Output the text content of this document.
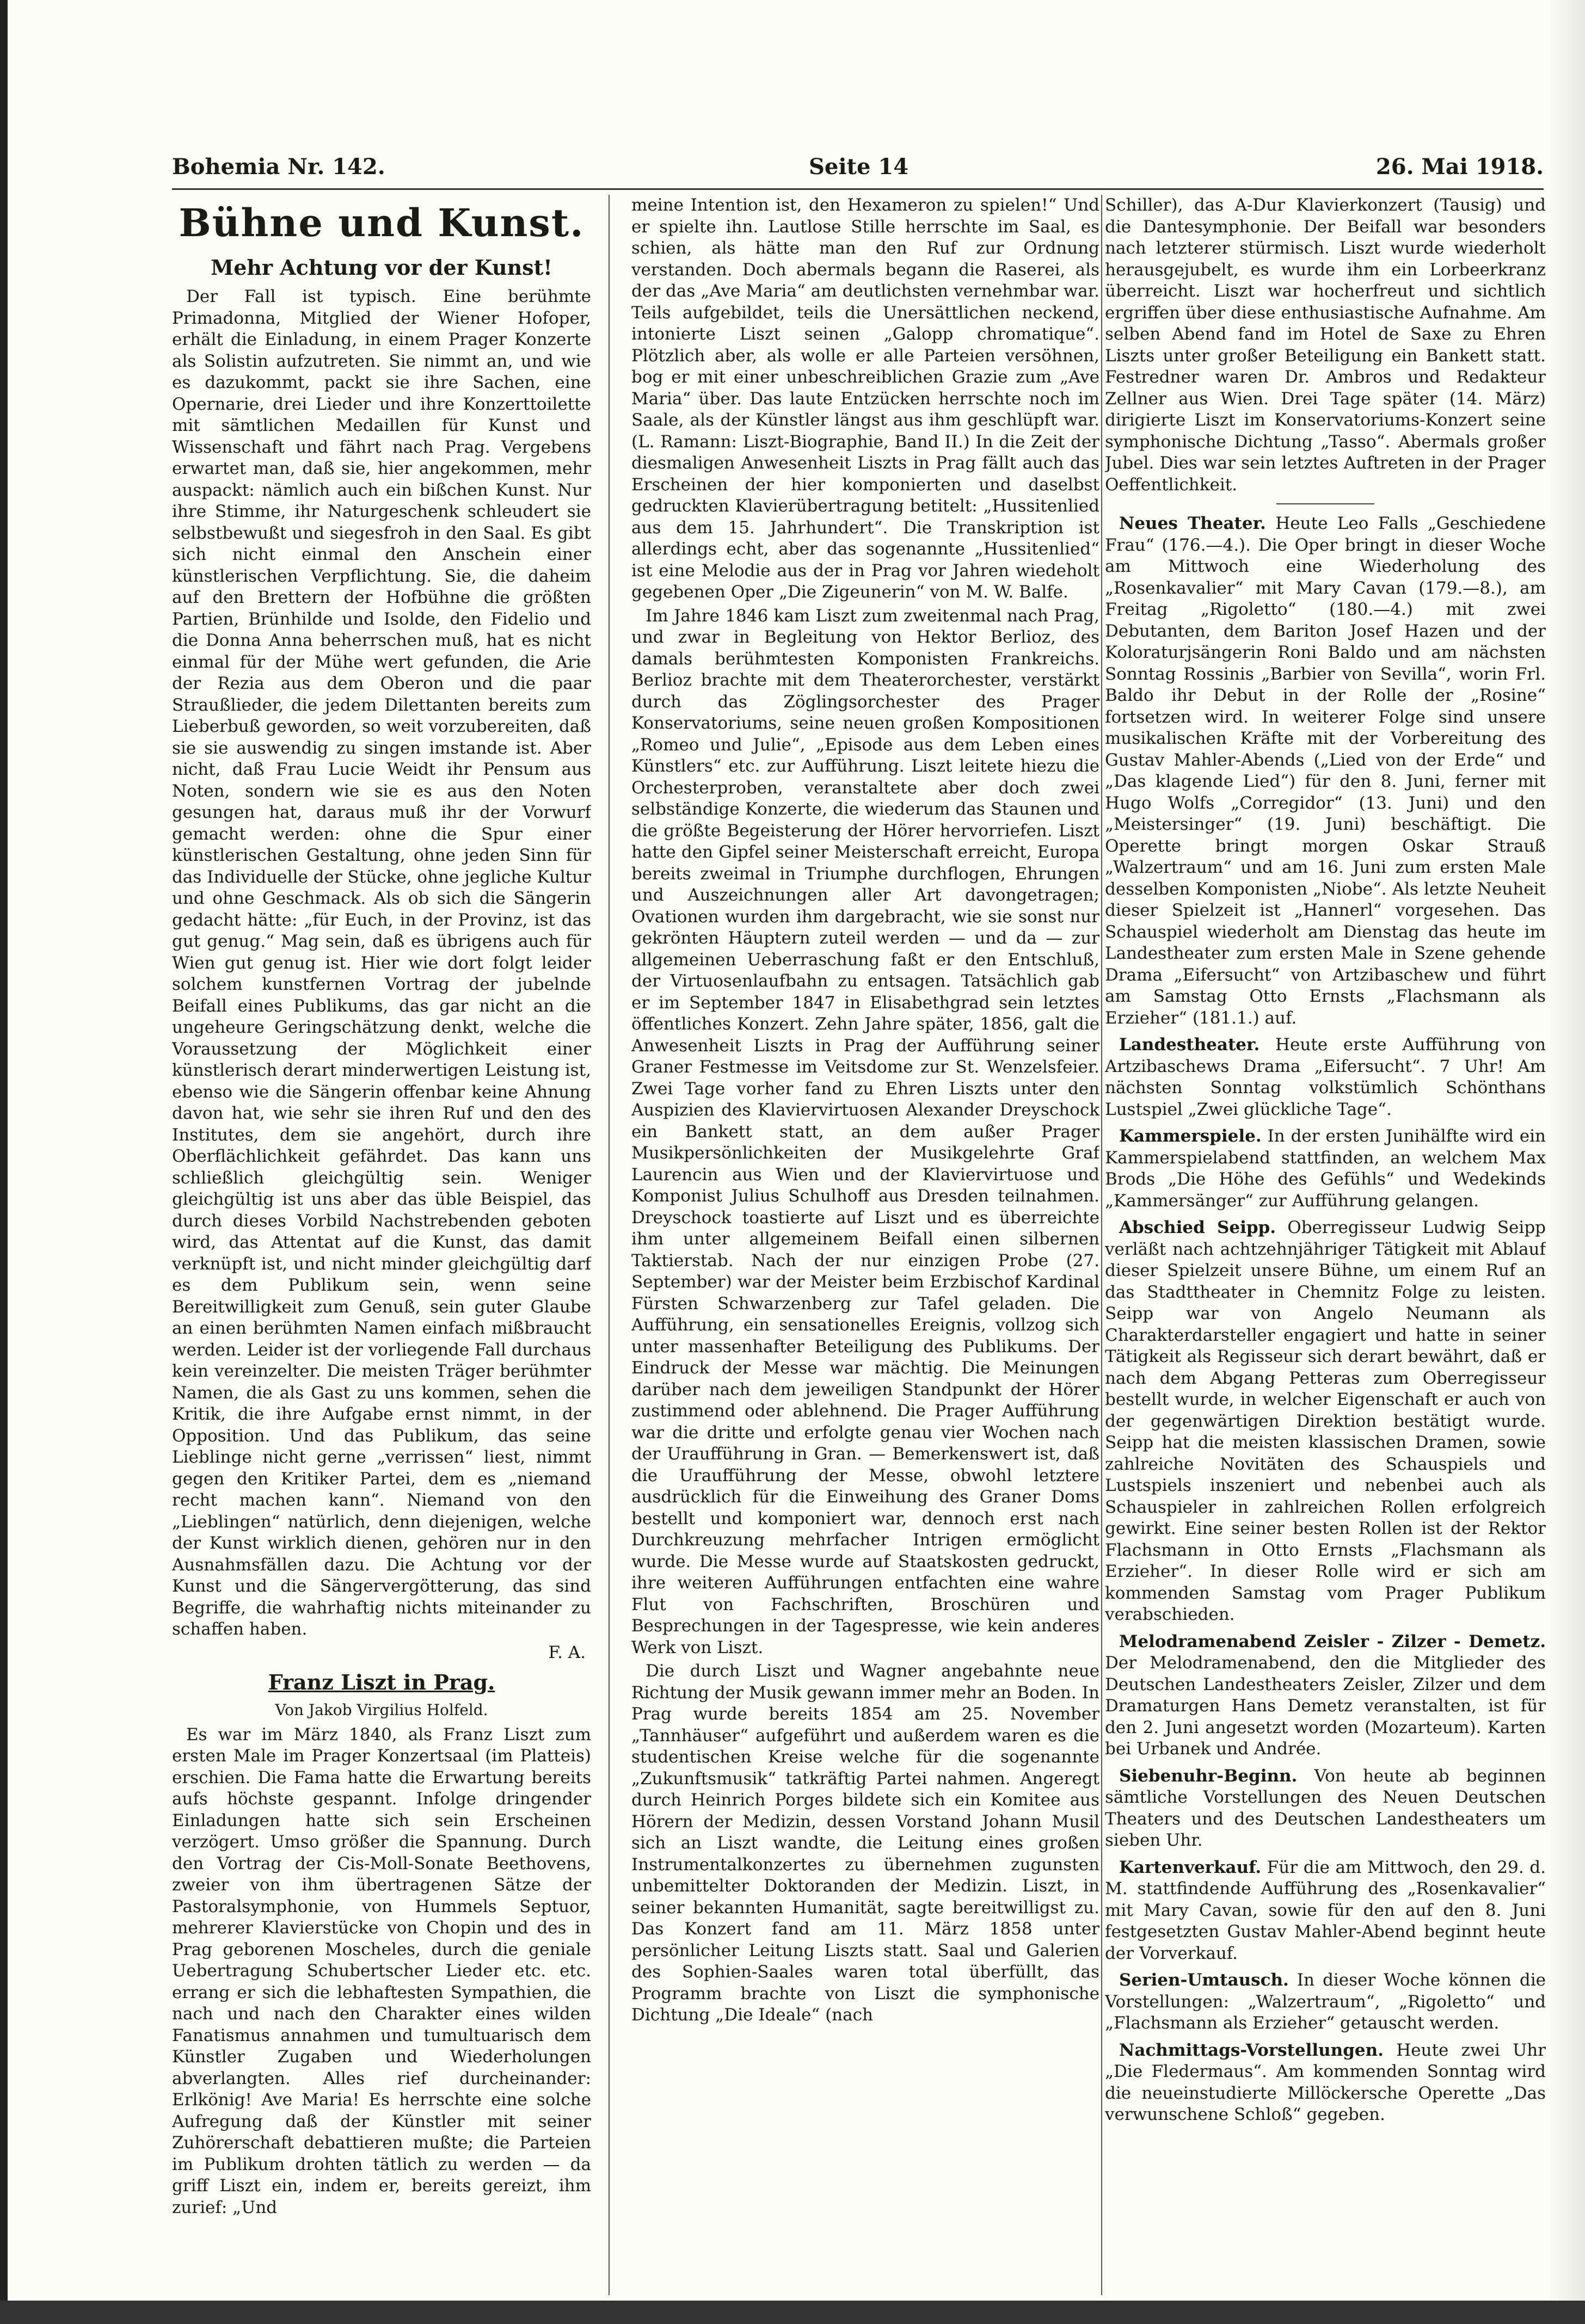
Bohemia Nr. 142.	Seite 14	26. Mai 1918.
Bühne und Kunst.
Mehr Achtung vor der Kunst!

Der Fall ist typisch. Eine berühmte Primadonna, Mitglied der Wiener Hofoper, erhält die Einladung, in einem Prager Konzerte als Solistin aufzutreten. Sie nimmt an, und wie es dazukommt, packt sie ihre Sachen, eine Opernarie, drei Lieder und ihre Konzerttoilette mit sämtlichen Medaillen für Kunst und Wissenschaft und fährt nach Prag. Vergebens erwartet man, daß sie, hier angekommen, mehr auspackt: nämlich auch ein bißchen Kunst. Nur ihre Stimme, ihr Naturgeschenk schleudert sie selbstbewußt und siegesfroh in den Saal. Es gibt sich nicht einmal den Anschein einer künstlerischen Verpflichtung. Sie, die daheim auf den Brettern der Hofbühne die größten Partien, Brünhilde und Isolde, den Fidelio und die Donna Anna beherrschen muß, hat es nicht einmal für der Mühe wert gefunden, die Arie der Rezia aus dem Oberon und die paar Straußlieder, die jedem Dilettanten bereits zum Lieberbuß geworden, so weit vorzubereiten, daß sie sie auswendig zu singen imstande ist. Aber nicht, daß Frau Lucie Weidt ihr Pensum aus Noten, sondern wie sie es aus den Noten gesungen hat, daraus muß ihr der Vorwurf gemacht werden: ohne die Spur einer künstlerischen Gestaltung, ohne jeden Sinn für das Individuelle der Stücke, ohne jegliche Kultur und ohne Geschmack. Als ob sich die Sängerin gedacht hätte: „für Euch, in der Provinz, ist das gut genug.“ Mag sein, daß es übrigens auch für Wien gut genug ist. Hier wie dort folgt leider solchem kunstfernen Vortrag der jubelnde Beifall eines Publikums, das gar nicht an die ungeheure Geringschätzung denkt, welche die Voraussetzung der Möglichkeit einer künstlerisch derart minderwertigen Leistung ist, ebenso wie die Sängerin offenbar keine Ahnung davon hat, wie sehr sie ihren Ruf und den des Institutes, dem sie angehört, durch ihre Oberflächlichkeit gefährdet. Das kann uns schließlich gleichgültig sein. Weniger gleichgültig ist uns aber das üble Beispiel, das durch dieses Vorbild Nachstrebenden geboten wird, das Attentat auf die Kunst, das damit verknüpft ist, und nicht minder gleichgültig darf es dem Publikum sein, wenn seine Bereitwilligkeit zum Genuß, sein guter Glaube an einen berühmten Namen einfach mißbraucht werden. Leider ist der vorliegende Fall durchaus kein vereinzelter. Die meisten Träger berühmter Namen, die als Gast zu uns kommen, sehen die Kritik, die ihre Aufgabe ernst nimmt, in der Opposition. Und das Publikum, das seine Lieblinge nicht gerne „verrissen“ liest, nimmt gegen den Kritiker Partei, dem es „niemand recht machen kann“. Niemand von den „Lieblingen“ natürlich, denn diejenigen, welche der Kunst wirklich dienen, gehören nur in den Ausnahmsfällen dazu. Die Achtung vor der Kunst und die Sängervergötterung, das sind Begriffe, die wahrhaftig nichts miteinander zu schaffen haben.

F. A.
Franz Liszt in Prag.
Von Jakob Virgilius Holfeld.

Es war im März 1840, als Franz Liszt zum ersten Male im Prager Konzertsaal (im Platteis) erschien. Die Fama hatte die Erwartung bereits aufs höchste gespannt. Infolge dringender Einladungen hatte sich sein Erscheinen verzögert. Umso größer die Spannung. Durch den Vortrag der Cis-Moll-Sonate Beethovens, zweier von ihm übertragenen Sätze der Pastoralsymphonie, von Hummels Septuor, mehrerer Klavierstücke von Chopin und des in Prag geborenen Moscheles, durch die geniale Uebertragung Schubertscher Lieder etc. etc. errang er sich die lebhaftesten Sympathien, die nach und nach den Charakter eines wilden Fanatismus annahmen und tumultuarisch dem Künstler Zugaben und Wiederholungen abverlangten. Alles rief durcheinander: Erlkönig! Ave Maria! Es herrschte eine solche Aufregung daß der Künstler mit seiner Zuhörerschaft debattieren mußte; die Parteien im Publikum drohten tätlich zu werden — da griff Liszt ein, indem er, bereits gereizt, ihm zurief: „Und

meine Intention ist, den Hexameron zu spielen!“ Und er spielte ihn. Lautlose Stille herrschte im Saal, es schien, als hätte man den Ruf zur Ordnung verstanden. Doch abermals begann die Raserei, als der das „Ave Maria“ am deutlichsten vernehmbar war. Teils aufgebildet, teils die Unersättlichen neckend, intonierte Liszt seinen „Galopp chromatique“. Plötzlich aber, als wolle er alle Parteien versöhnen, bog er mit einer unbeschreiblichen Grazie zum „Ave Maria“ über. Das laute Entzücken herrschte noch im Saale, als der Künstler längst aus ihm geschlüpft war. (L. Ramann: Liszt-Biographie, Band II.) In die Zeit der diesmaligen Anwesenheit Liszts in Prag fällt auch das Erscheinen der hier komponierten und daselbst gedruckten Klavierübertragung betitelt: „Hussitenlied aus dem 15. Jahrhundert“. Die Transkription ist allerdings echt, aber das sogenannte „Hussitenlied“ ist eine Melodie aus der in Prag vor Jahren wiedeholt gegebenen Oper „Die Zigeunerin“ von M. W. Balfe.

Im Jahre 1846 kam Liszt zum zweitenmal nach Prag, und zwar in Begleitung von Hektor Berlioz, des damals berühmtesten Komponisten Frankreichs. Berlioz brachte mit dem Theaterorchester, verstärkt durch das Zöglingsorchester des Prager Konservatoriums, seine neuen großen Kompositionen „Romeo und Julie“, „Episode aus dem Leben eines Künstlers“ etc. zur Aufführung. Liszt leitete hiezu die Orchesterproben, veranstaltete aber doch zwei selbständige Konzerte, die wiederum das Staunen und die größte Begeisterung der Hörer hervorriefen. Liszt hatte den Gipfel seiner Meisterschaft erreicht, Europa bereits zweimal in Triumphe durchflogen, Ehrungen und Auszeichnungen aller Art davongetragen; Ovationen wurden ihm dargebracht, wie sie sonst nur gekrönten Häuptern zuteil werden — und da — zur allgemeinen Ueberraschung faßt er den Entschluß, der Virtuosenlaufbahn zu entsagen. Tatsächlich gab er im September 1847 in Elisabethgrad sein letztes öffentliches Konzert. Zehn Jahre später, 1856, galt die Anwesenheit Liszts in Prag der Aufführung seiner Graner Festmesse im Veitsdome zur St. Wenzelsfeier. Zwei Tage vorher fand zu Ehren Liszts unter den Auspizien des Klaviervirtuosen Alexander Dreyschock ein Bankett statt, an dem außer Prager Musikpersönlichkeiten der Musikgelehrte Graf Laurencin aus Wien und der Klaviervirtuose und Komponist Julius Schulhoff aus Dresden teilnahmen. Dreyschock toastierte auf Liszt und es überreichte ihm unter allgemeinem Beifall einen silbernen Taktierstab. Nach der nur einzigen Probe (27. September) war der Meister beim Erzbischof Kardinal Fürsten Schwarzenberg zur Tafel geladen. Die Aufführung, ein sensationelles Ereignis, vollzog sich unter massenhafter Beteiligung des Publikums. Der Eindruck der Messe war mächtig. Die Meinungen darüber nach dem jeweiligen Standpunkt der Hörer zustimmend oder ablehnend. Die Prager Aufführung war die dritte und erfolgte genau vier Wochen nach der Uraufführung in Gran. — Bemerkenswert ist, daß die Uraufführung der Messe, obwohl letztere ausdrücklich für die Einweihung des Graner Doms bestellt und komponiert war, dennoch erst nach Durchkreuzung mehrfacher Intrigen ermöglicht wurde. Die Messe wurde auf Staatskosten gedruckt, ihre weiteren Aufführungen entfachten eine wahre Flut von Fachschriften, Broschüren und Besprechungen in der Tagespresse, wie kein anderes Werk von Liszt.

Die durch Liszt und Wagner angebahnte neue Richtung der Musik gewann immer mehr an Boden. In Prag wurde bereits 1854 am 25. November „Tannhäuser“ aufgeführt und außerdem waren es die studentischen Kreise welche für die sogenannte „Zukunftsmusik“ tatkräftig Partei nahmen. Angeregt durch Heinrich Porges bildete sich ein Komitee aus Hörern der Medizin, dessen Vorstand Johann Musil sich an Liszt wandte, die Leitung eines großen Instrumentalkonzertes zu übernehmen zugunsten unbemittelter Doktoranden der Medizin. Liszt, in seiner bekannten Humanität, sagte bereitwilligst zu. Das Konzert fand am 11. März 1858 unter persönlicher Leitung Liszts statt. Saal und Galerien des Sophien-Saales waren total überfüllt, das Programm brachte von Liszt die symphonische Dichtung „Die Ideale“ (nach

Schiller), das A-Dur Klavierkonzert (Tausig) und die Dantesymphonie. Der Beifall war besonders nach letzterer stürmisch. Liszt wurde wiederholt herausgejubelt, es wurde ihm ein Lorbeerkranz überreicht. Liszt war hocherfreut und sichtlich ergriffen über diese enthusiastische Aufnahme. Am selben Abend fand im Hotel de Saxe zu Ehren Liszts unter großer Beteiligung ein Bankett statt. Festredner waren Dr. Ambros und Redakteur Zellner aus Wien. Drei Tage später (14. März) dirigierte Liszt im Konservatoriums-Konzert seine symphonische Dichtung „Tasso“. Abermals großer Jubel. Dies war sein letztes Auftreten in der Prager Oeffentlichkeit.

Neues Theater. Heute Leo Falls „Geschiedene Frau“ (176.—4.). Die Oper bringt in dieser Woche am Mittwoch eine Wiederholung des „Rosenkavalier“ mit Mary Cavan (179.—8.), am Freitag „Rigoletto“ (180.—4.) mit zwei Debutanten, dem Bariton Josef Hazen und der Koloraturjsängerin Roni Baldo und am nächsten Sonntag Rossinis „Barbier von Sevilla“, worin Frl. Baldo ihr Debut in der Rolle der „Rosine“ fortsetzen wird. In weiterer Folge sind unsere musikalischen Kräfte mit der Vorbereitung des Gustav Mahler-Abends („Lied von der Erde“ und „Das klagende Lied“) für den 8. Juni, ferner mit Hugo Wolfs „Corregidor“ (13. Juni) und den „Meistersinger“ (19. Juni) beschäftigt. Die Operette bringt morgen Oskar Strauß „Walzertraum“ und am 16. Juni zum ersten Male desselben Komponisten „Niobe“. Als letzte Neuheit dieser Spielzeit ist „Hannerl“ vorgesehen. Das Schauspiel wiederholt am Dienstag das heute im Landestheater zum ersten Male in Szene gehende Drama „Eifersucht“ von Artzibaschew und führt am Samstag Otto Ernsts „Flachsmann als Erzieher“ (181.1.) auf.

Landestheater. Heute erste Aufführung von Artzibaschews Drama „Eifersucht“. 7 Uhr! Am nächsten Sonntag volkstümlich Schönthans Lustspiel „Zwei glückliche Tage“.

Kammerspiele. In der ersten Junihälfte wird ein Kammerspielabend stattfinden, an welchem Max Brods „Die Höhe des Gefühls“ und Wedekinds „Kammersänger“ zur Aufführung gelangen.

Abschied Seipp. Oberregisseur Ludwig Seipp verläßt nach achtzehnjähriger Tätigkeit mit Ablauf dieser Spielzeit unsere Bühne, um einem Ruf an das Stadttheater in Chemnitz Folge zu leisten. Seipp war von Angelo Neumann als Charakterdarsteller engagiert und hatte in seiner Tätigkeit als Regisseur sich derart bewährt, daß er nach dem Abgang Petteras zum Oberregisseur bestellt wurde, in welcher Eigenschaft er auch von der gegenwärtigen Direktion bestätigt wurde. Seipp hat die meisten klassischen Dramen, sowie zahlreiche Novitäten des Schauspiels und Lustspiels inszeniert und nebenbei auch als Schauspieler in zahlreichen Rollen erfolgreich gewirkt. Eine seiner besten Rollen ist der Rektor Flachsmann in Otto Ernsts „Flachsmann als Erzieher“. In dieser Rolle wird er sich am kommenden Samstag vom Prager Publikum verabschieden.

Melodramenabend Zeisler - Zilzer - Demetz. Der Melodramenabend, den die Mitglieder des Deutschen Landestheaters Zeisler, Zilzer und dem Dramaturgen Hans Demetz veranstalten, ist für den 2. Juni angesetzt worden (Mozarteum). Karten bei Urbanek und Andrée.

Siebenuhr-Beginn. Von heute ab beginnen sämtliche Vorstellungen des Neuen Deutschen Theaters und des Deutschen Landestheaters um sieben Uhr.

Kartenverkauf. Für die am Mittwoch, den 29. d. M. stattfindende Aufführung des „Rosenkavalier“ mit Mary Cavan, sowie für den auf den 8. Juni festgesetzten Gustav Mahler-Abend beginnt heute der Vorverkauf.

Serien-Umtausch. In dieser Woche können die Vorstellungen: „Walzertraum“, „Rigoletto“ und „Flachsmann als Erzieher“ getauscht werden.

Nachmittags-Vorstellungen. Heute zwei Uhr „Die Fledermaus“. Am kommenden Sonntag wird die neueinstudierte Millöckersche Operette „Das verwunschene Schloß“ gegeben.
